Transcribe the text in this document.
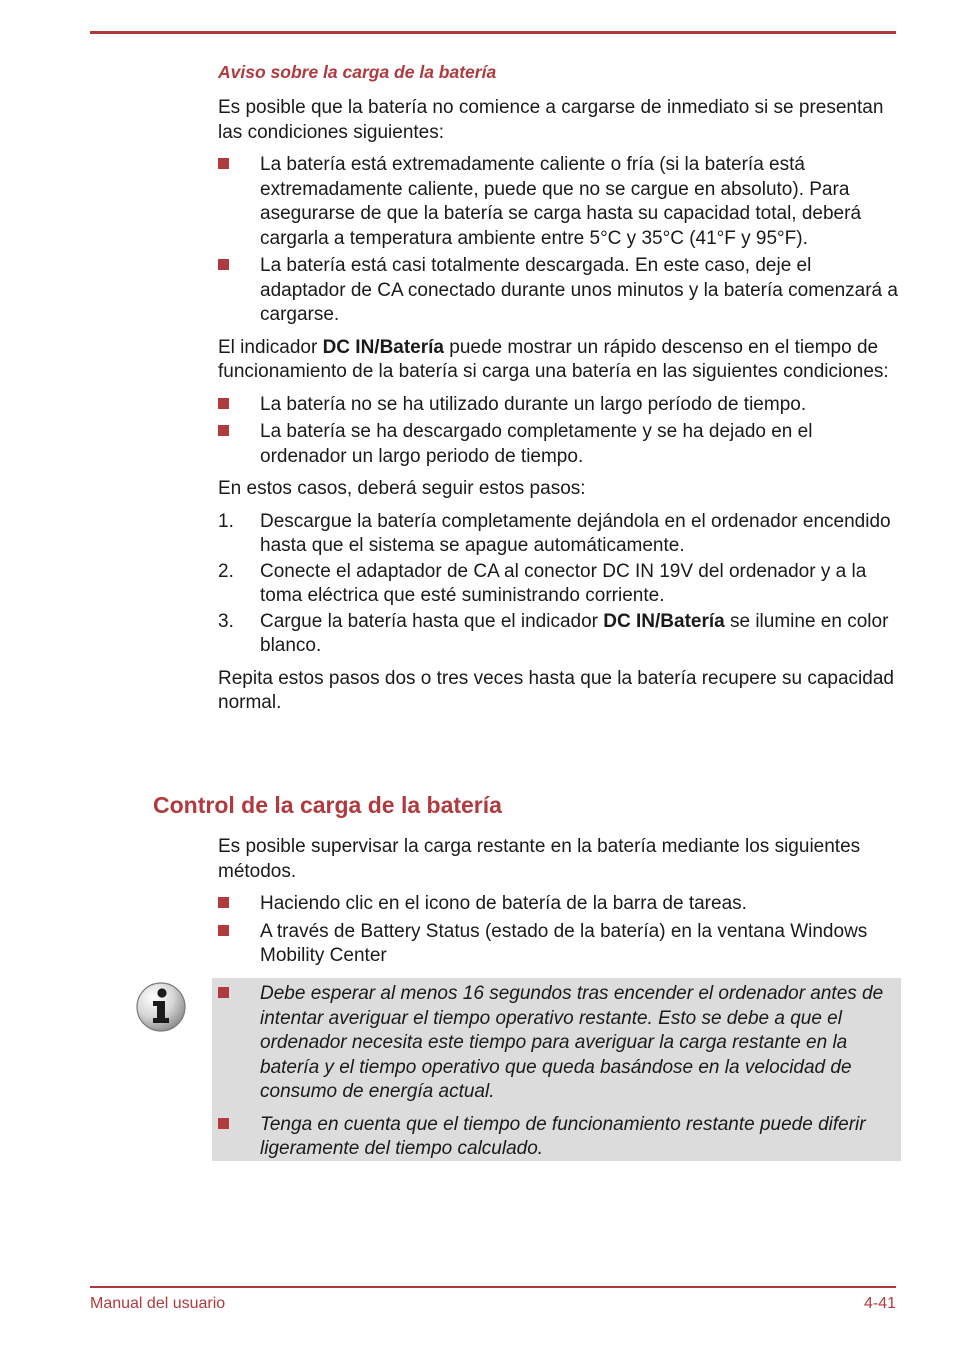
Aviso sobre la carga de la batería

Es posible que la batería no comience a cargarse de inmediato si se presentan las condiciones siguientes:

La batería está extremadamente caliente o fría (si la batería está extremadamente caliente, puede que no se cargue en absoluto). Para asegurarse de que la batería se carga hasta su capacidad total, deberá cargarla a temperatura ambiente entre 5°C y 35°C (41°F y 95°F).
La batería está casi totalmente descargada. En este caso, deje el adaptador de CA conectado durante unos minutos y la batería comenzará a cargarse.

El indicador DC IN/Batería puede mostrar un rápido descenso en el tiempo de funcionamiento de la batería si carga una batería en las siguientes condiciones:

La batería no se ha utilizado durante un largo período de tiempo.
La batería se ha descargado completamente y se ha dejado en el ordenador un largo periodo de tiempo.

En estos casos, deberá seguir estos pasos:

1. Descargue la batería completamente dejándola en el ordenador encendido hasta que el sistema se apague automáticamente.
2. Conecte el adaptador de CA al conector DC IN 19V del ordenador y a la toma eléctrica que esté suministrando corriente.
3. Cargue la batería hasta que el indicador DC IN/Batería se ilumine en color blanco.

Repita estos pasos dos o tres veces hasta que la batería recupere su capacidad normal.

Control de la carga de la batería

Es posible supervisar la carga restante en la batería mediante los siguientes métodos.

Haciendo clic en el icono de batería de la barra de tareas.
A través de Battery Status (estado de la batería) en la ventana Windows Mobility Center
Debe esperar al menos 16 segundos tras encender el ordenador antes de intentar averiguar el tiempo operativo restante. Esto se debe a que el ordenador necesita este tiempo para averiguar la carga restante en la batería y el tiempo operativo que queda basándose en la velocidad de consumo de energía actual.
Tenga en cuenta que el tiempo de funcionamiento restante puede diferir ligeramente del tiempo calculado.
Manual del usuario	4-41
